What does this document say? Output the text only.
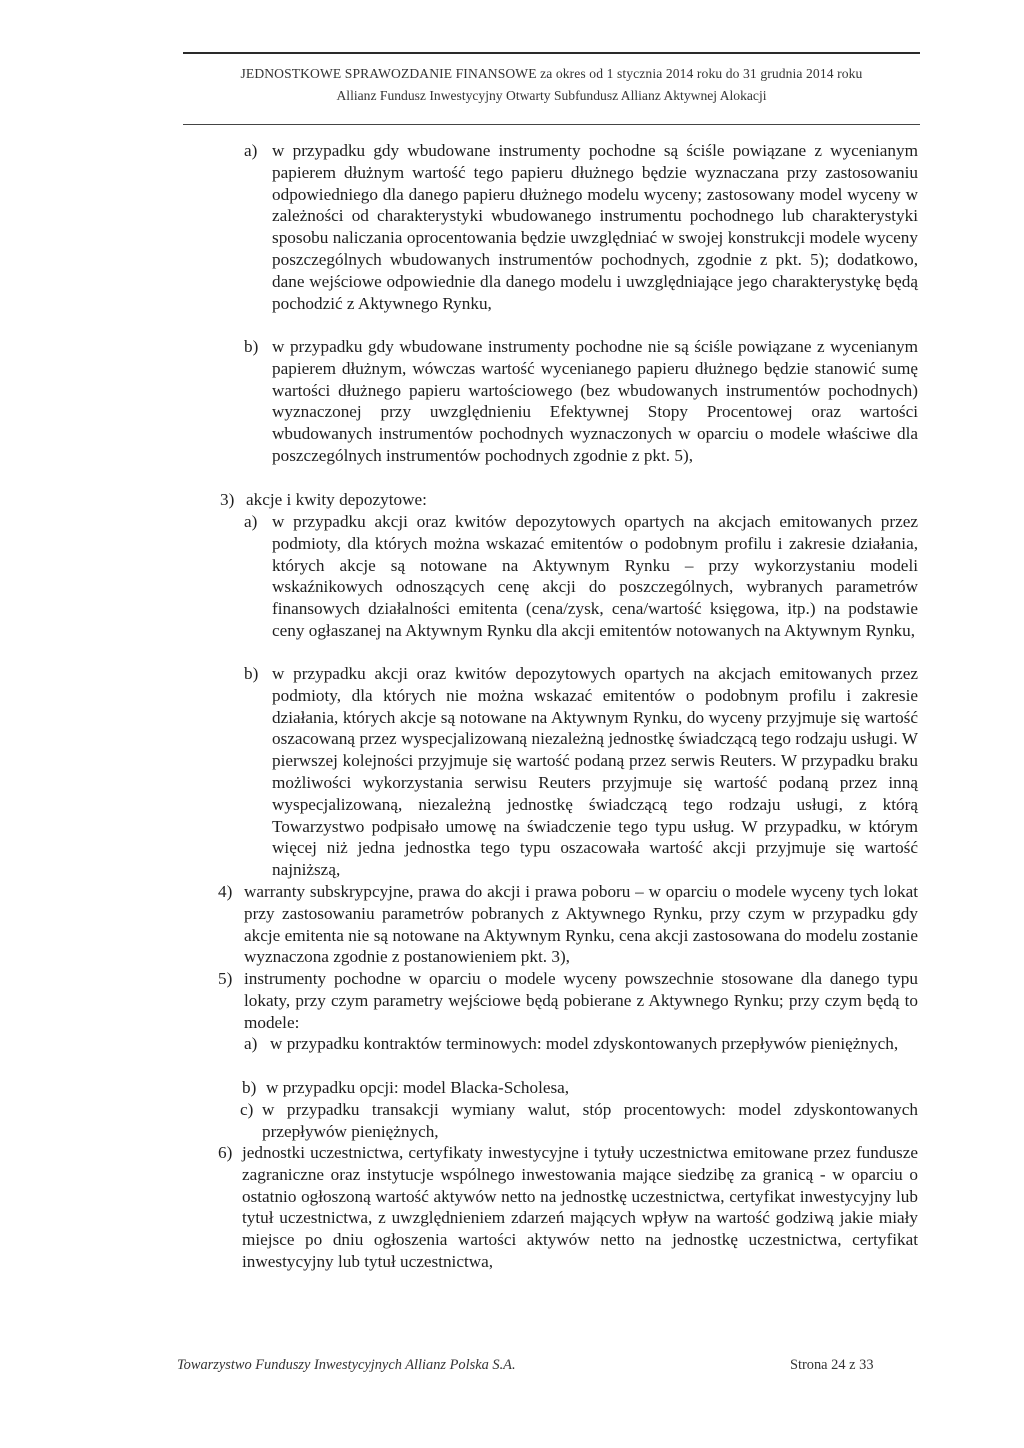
JEDNOSTKOWE SPRAWOZDANIE FINANSOWE za okres od 1 stycznia 2014 roku do 31 grudnia 2014 roku
Allianz Fundusz Inwestycyjny Otwarty Subfundusz Allianz Aktywnej Alokacji
a) w przypadku gdy wbudowane instrumenty pochodne są ściśle powiązane z wycenianym papierem dłużnym wartość tego papieru dłużnego będzie wyznaczana przy zastosowaniu odpowiedniego dla danego papieru dłużnego modelu wyceny; zastosowany model wyceny w zależności od charakterystyki wbudowanego instrumentu pochodnego lub charakterystyki sposobu naliczania oprocentowania będzie uwzględniać w swojej konstrukcji modele wyceny poszczególnych wbudowanych instrumentów pochodnych, zgodnie z pkt. 5); dodatkowo, dane wejściowe odpowiednie dla danego modelu i uwzględniające jego charakterystykę będą pochodzić z Aktywnego Rynku,
b) w przypadku gdy wbudowane instrumenty pochodne nie są ściśle powiązane z wycenianym papierem dłużnym, wówczas wartość wycenianego papieru dłużnego będzie stanowić sumę wartości dłużnego papieru wartościowego (bez wbudowanych instrumentów pochodnych) wyznaczonej przy uwzględnieniu Efektywnej Stopy Procentowej oraz wartości wbudowanych instrumentów pochodnych wyznaczonych w oparciu o modele właściwe dla poszczególnych instrumentów pochodnych zgodnie z pkt. 5),
3) akcje i kwity depozytowe:
a) w przypadku akcji oraz kwitów depozytowych opartych na akcjach emitowanych przez podmioty, dla których można wskazać emitentów o podobnym profilu i zakresie działania, których akcje są notowane na Aktywnym Rynku – przy wykorzystaniu modeli wskaźnikowych odnoszących cenę akcji do poszczególnych, wybranych parametrów finansowych działalności emitenta (cena/zysk, cena/wartość księgowa, itp.) na podstawie ceny ogłaszanej na Aktywnym Rynku dla akcji emitentów notowanych na Aktywnym Rynku,
b) w przypadku akcji oraz kwitów depozytowych opartych na akcjach emitowanych przez podmioty, dla których nie można wskazać emitentów o podobnym profilu i zakresie działania, których akcje są notowane na Aktywnym Rynku, do wyceny przyjmuje się wartość oszacowaną przez wyspecjalizowaną niezależną jednostkę świadczącą tego rodzaju usługi. W pierwszej kolejności przyjmuje się wartość podaną przez serwis Reuters. W przypadku braku możliwości wykorzystania serwisu Reuters przyjmuje się wartość podaną przez inną wyspecjalizowaną, niezależną jednostkę świadczącą tego rodzaju usługi, z którą Towarzystwo podpisało umowę na świadczenie tego typu usług. W przypadku, w którym więcej niż jedna jednostka tego typu oszacowała wartość akcji przyjmuje się wartość najniższą,
4) warranty subskrypcyjne, prawa do akcji i prawa poboru – w oparciu o modele wyceny tych lokat przy zastosowaniu parametrów pobranych z Aktywnego Rynku, przy czym w przypadku gdy akcje emitenta nie są notowane na Aktywnym Rynku, cena akcji zastosowana do modelu zostanie wyznaczona zgodnie z postanowieniem pkt. 3),
5) instrumenty pochodne w oparciu o modele wyceny powszechnie stosowane dla danego typu lokaty, przy czym parametry wejściowe będą pobierane z Aktywnego Rynku; przy czym będą to modele:
a) w przypadku kontraktów terminowych: model zdyskontowanych przepływów pieniężnych,
b) w przypadku opcji: model Blacka-Scholesa,
c) w przypadku transakcji wymiany walut, stóp procentowych: model zdyskontowanych przepływów pieniężnych,
6) jednostki uczestnictwa, certyfikaty inwestycyjne i tytuły uczestnictwa emitowane przez fundusze zagraniczne oraz instytucje wspólnego inwestowania mające siedzibę za granicą - w oparciu o ostatnio ogłoszoną wartość aktywów netto na jednostkę uczestnictwa, certyfikat inwestycyjny lub tytuł uczestnictwa, z uwzględnieniem zdarzeń mających wpływ na wartość godziwą jakie miały miejsce po dniu ogłoszenia wartości aktywów netto na jednostkę uczestnictwa, certyfikat inwestycyjny lub tytuł uczestnictwa,
Towarzystwo Funduszy Inwestycyjnych Allianz Polska S.A.	Strona 24 z 33
